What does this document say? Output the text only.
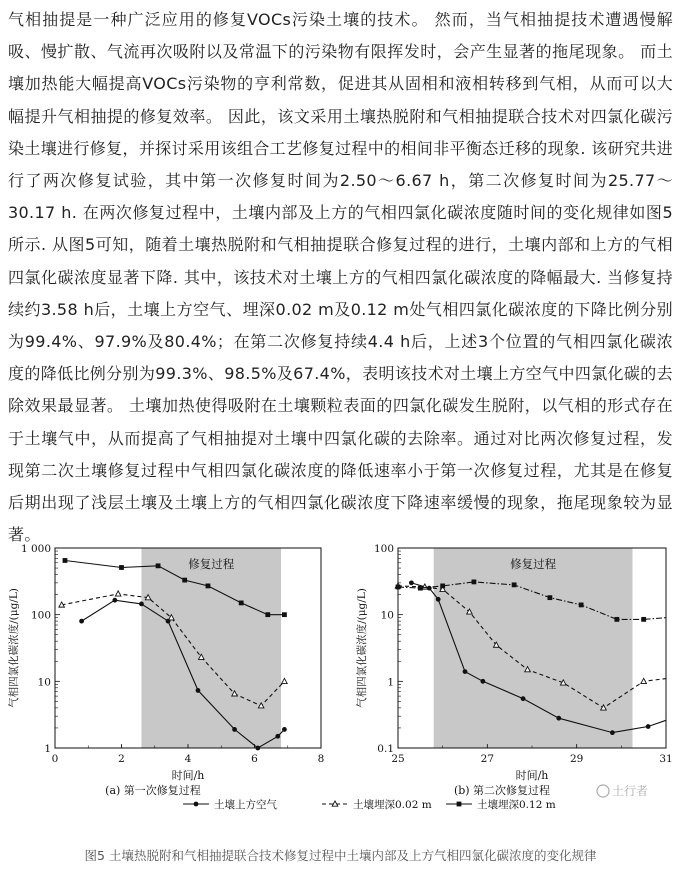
气相抽提是一种广泛应用的修复VOCs污染土壤的技术。 然而，当气相抽提技术遭遇慢解吸、慢扩散、气流再次吸附以及常温下的污染物有限挥发时，会产生显著的拖尾现象。 而土壤加热能大幅提高VOCs污染物的亨利常数，促进其从固相和液相转移到气相，从而可以大幅提升气相抽提的修复效率。 因此，该文采用土壤热脱附和气相抽提联合技术对四氯化碳污染土壤进行修复，并探讨采用该组合工艺修复过程中的相间非平衡态迁移的现象. 该研究共进行了两次修复试验，其中第一次修复时间为2.50～6.67 h，第二次修复时间为25.77～30.17 h. 在两次修复过程中，土壤内部及上方的气相四氯化碳浓度随时间的变化规律如图5所示. 从图5可知，随着土壤热脱附和气相抽提联合修复过程的进行，土壤内部和上方的气相四氯化碳浓度显著下降. 其中，该技术对土壤上方的气相四氯化碳浓度的降幅最大. 当修复持续约3.58 h后，土壤上方空气、埋深0.02 m及0.12 m处气相四氯化碳浓度的下降比例分别为99.4%、97.9%及80.4%；在第二次修复持续4.4 h后，上述3个位置的气相四氯化碳浓度的降低比例分别为99.3%、98.5%及67.4%，表明该技术对土壤上方空气中四氯化碳的去除效果最显著。 土壤加热使得吸附在土壤颗粒表面的四氯化碳发生脱附，以气相的形式存在于土壤气中，从而提高了气相抽提对土壤中四氯化碳的去除率。通过对比两次修复过程，发现第二次土壤修复过程中气相四氯化碳浓度的降低速率小于第一次修复过程，尤其是在修复后期出现了浅层土壤及土壤上方的气相四氯化碳浓度下降速率缓慢的现象，拖尾现象较为显著。

修复过程
1
10
100
1 000
0	2	4	6	8
时间/h
(a) 第一次修复过程
气相四氯化碳浓度/(μg/L)
修复过程
0.1
1
10
100
25	27	29	31
时间/h
(b) 第二次修复过程
气相四氯化碳浓度/(μg/L)
土壤上方空气	土壤埋深0.02 m	土壤埋深0.12 m
土行者
图5 土壤热脱附和气相抽提联合技术修复过程中土壤内部及上方气相四氯化碳浓度的变化规律
